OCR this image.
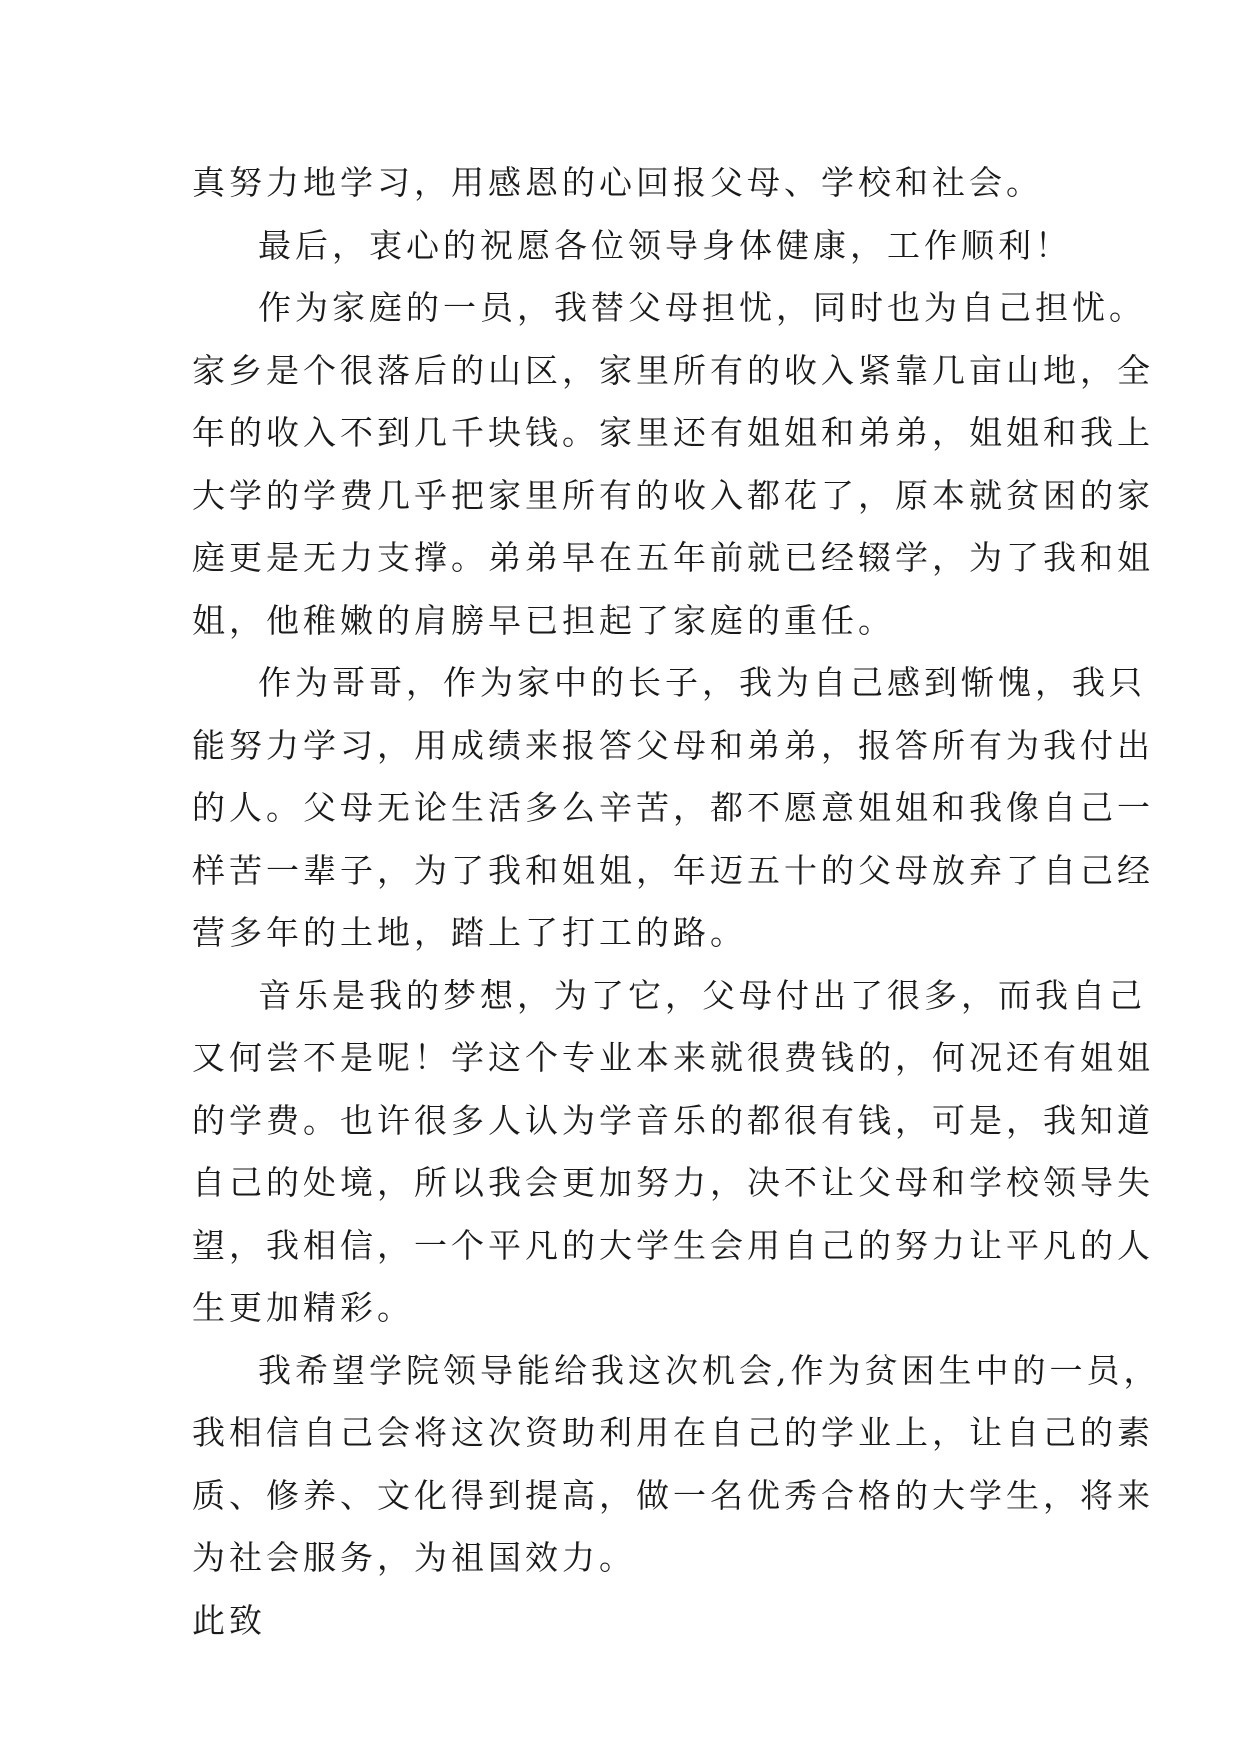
真努力地学习，用感恩的心回报父母、学校和社会。
最后，衷心的祝愿各位领导身体健康，工作顺利！
作为家庭的一员，我替父母担忧，同时也为自己担忧。
家乡是个很落后的山区，家里所有的收入紧靠几亩山地，全
年的收入不到几千块钱。家里还有姐姐和弟弟，姐姐和我上
大学的学费几乎把家里所有的收入都花了，原本就贫困的家
庭更是无力支撑。弟弟早在五年前就已经辍学，为了我和姐
姐，他稚嫩的肩膀早已担起了家庭的重任。
作为哥哥，作为家中的长子，我为自己感到惭愧，我只
能努力学习，用成绩来报答父母和弟弟，报答所有为我付出
的人。父母无论生活多么辛苦，都不愿意姐姐和我像自己一
样苦一辈子，为了我和姐姐，年迈五十的父母放弃了自己经
营多年的土地，踏上了打工的路。
音乐是我的梦想，为了它，父母付出了很多，而我自己
又何尝不是呢！学这个专业本来就很费钱的，何况还有姐姐
的学费。也许很多人认为学音乐的都很有钱，可是，我知道
自己的处境，所以我会更加努力，决不让父母和学校领导失
望，我相信，一个平凡的大学生会用自己的努力让平凡的人
生更加精彩。
我希望学院领导能给我这次机会,作为贫困生中的一员，
我相信自己会将这次资助利用在自己的学业上，让自己的素
质、修养、文化得到提高，做一名优秀合格的大学生，将来
为社会服务，为祖国效力。
此致
